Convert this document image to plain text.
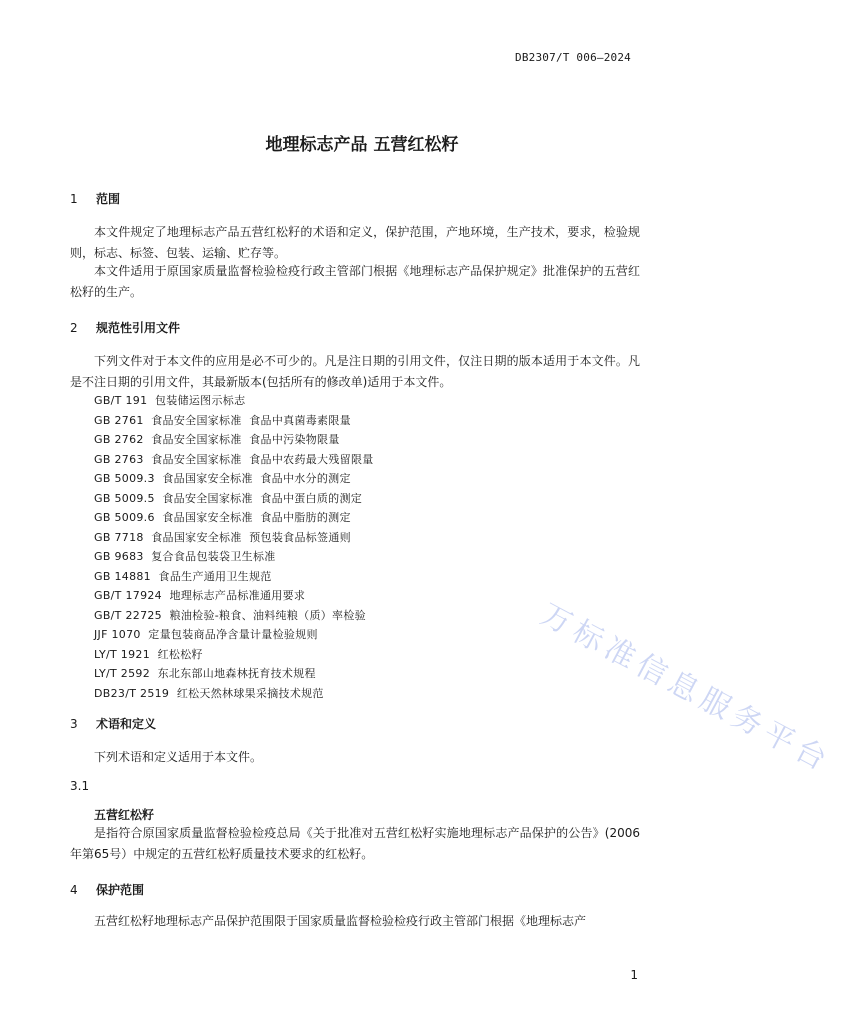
DB2307/T 006—2024
地理标志产品 五营红松籽
1 范围
本文件规定了地理标志产品五营红松籽的术语和定义，保护范围，产地环境，生产技术，要求，检验规则，标志、标签、包装、运输、贮存等。
本文件适用于原国家质量监督检验检疫行政主管部门根据《地理标志产品保护规定》批准保护的五营红松籽的生产。
2 规范性引用文件
下列文件对于本文件的应用是必不可少的。凡是注日期的引用文件，仅注日期的版本适用于本文件。凡是不注日期的引用文件，其最新版本(包括所有的修改单)适用于本文件。
GB/T 191  包装储运图示标志
GB 2761  食品安全国家标准  食品中真菌毒素限量
GB 2762  食品安全国家标准  食品中污染物限量
GB 2763  食品安全国家标准  食品中农药最大残留限量
GB 5009.3  食品国家安全标准  食品中水分的测定
GB 5009.5  食品安全国家标准  食品中蛋白质的测定
GB 5009.6  食品国家安全标准  食品中脂肪的测定
GB 7718  食品国家安全标准  预包装食品标签通则
GB 9683  复合食品包装袋卫生标准
GB 14881  食品生产通用卫生规范
GB/T 17924  地理标志产品标准通用要求
GB/T 22725  粮油检验-粮食、油料纯粮（质）率检验
JJF 1070  定量包装商品净含量计量检验规则
LY/T 1921  红松松籽
LY/T 2592  东北东部山地森林抚育技术规程
DB23/T 2519  红松天然林球果采摘技术规范
3 术语和定义
下列术语和定义适用于本文件。
3.1
五营红松籽
是指符合原国家质量监督检验检疫总局《关于批准对五营红松籽实施地理标志产品保护的公告》(2006年第65号）中规定的五营红松籽质量技术要求的红松籽。
4 保护范围
五营红松籽地理标志产品保护范围限于国家质量监督检验检疫行政主管部门根据《地理标志产
万标准信息服务平台
1
